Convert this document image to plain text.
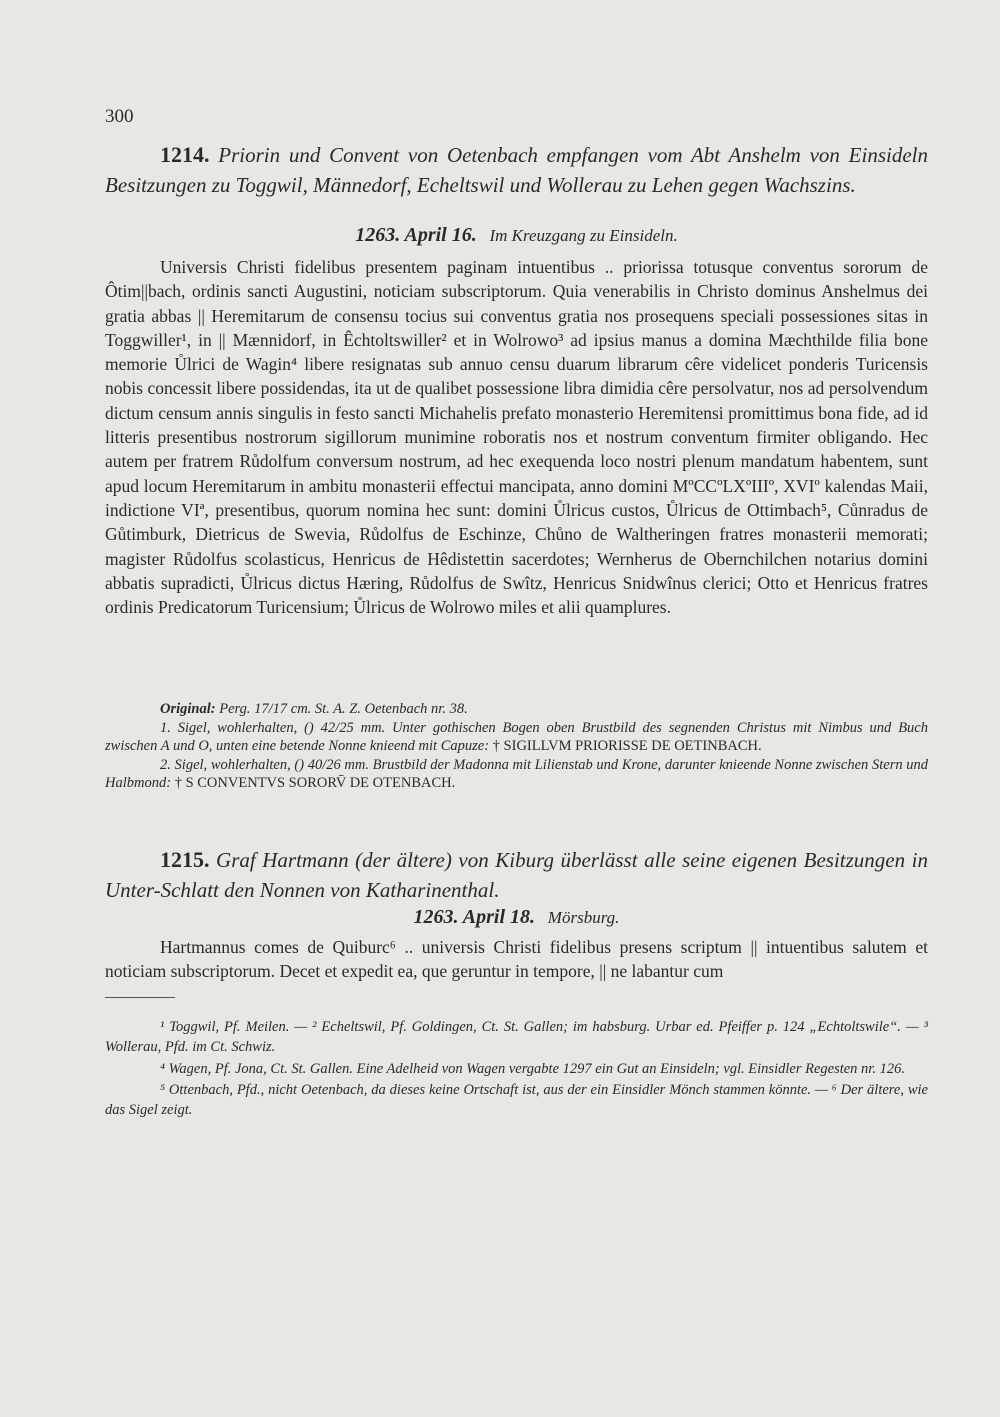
300
1214. Priorin und Convent von Oetenbach empfangen vom Abt Anshelm von Einsideln Besitzungen zu Toggwil, Männedorf, Echeltswil und Wollerau zu Lehen gegen Wachszins.
1263. April 16. Im Kreuzgang zu Einsideln.

Universis Christi fidelibus presentem paginam intuentibus .. priorissa totusque conventus sororum de Ôtim||bach, ordinis sancti Augustini, noticiam subscriptorum. Quia venerabilis in Christo dominus Anshelmus dei gratia abbas || Heremitarum de consensu tocius sui conventus gratia nos prosequens speciali possessiones sitas in Toggwiller¹, in || Mænnidorf, in Êchtoltswiller² et in Wolrowo³ ad ipsius manus a domina Mæchthilde filia bone memorie Ůlrici de Wagin⁴ libere resignatas sub annuo censu duarum librarum cêre videlicet ponderis Turicensis nobis concessit libere possidendas, ita ut de qualibet possessione libra dimidia cêre persolvatur, nos ad persolvendum dictum censum annis singulis in festo sancti Michahelis prefato monasterio Heremitensi promittimus bona fide, ad id litteris presentibus nostrorum sigillorum munimine roboratis nos et nostrum conventum firmiter obligando. Hec autem per fratrem Růdolfum conversum nostrum, ad hec exequenda loco nostri plenum mandatum habentem, sunt apud locum Heremitarum in ambitu monasterii effectui mancipata, anno domini MºCCºLXºIIIº, XVIº kalendas Maii, indictione VIª, presentibus, quorum nomina hec sunt: domini Ůlricus custos, Ůlricus de Ottimbach⁵, Cůnradus de Gůtimburk, Dietricus de Swevia, Růdolfus de Eschinze, Chůno de Waltheringen fratres monasterii memorati; magister Růdolfus scolasticus, Henricus de Hêdistettin sacerdotes; Wernherus de Obernchilchen notarius domini abbatis supradicti, Ůlricus dictus Hæring, Růdolfus de Swîtz, Henricus Snidwînus clerici; Otto et Henricus fratres ordinis Predicatorum Turicensium; Ůlricus de Wolrowo miles et alii quamplures.

Original: Perg. 17/17 cm. St. A. Z. Oetenbach nr. 38.

1. Sigel, wohlerhalten, () 42/25 mm. Unter gothischen Bogen oben Brustbild des segnenden Christus mit Nimbus und Buch zwischen A und O, unten eine betende Nonne knieend mit Capuze: † SIGILLVM PRIORISSE DE OETINBACH.

2. Sigel, wohlerhalten, () 40/26 mm. Brustbild der Madonna mit Lilienstab und Krone, darunter knieende Nonne zwischen Stern und Halbmond: † S CONVENTVS SORORV̄ DE OTENBACH.

1215. Graf Hartmann (der ältere) von Kiburg überlässt alle seine eigenen Besitzungen in Unter-Schlatt den Nonnen von Katharinenthal.
1263. April 18. Mörsburg.

Hartmannus comes de Quiburc⁶ .. universis Christi fidelibus presens scriptum || intuentibus salutem et noticiam subscriptorum. Decet et expedit ea, que geruntur in tempore, || ne labantur cum

¹ Toggwil, Pf. Meilen. — ² Echeltswil, Pf. Goldingen, Ct. St. Gallen; im habsburg. Urbar ed. Pfeiffer p. 124 „Echtoltswile“. — ³ Wollerau, Pfd. im Ct. Schwiz.

⁴ Wagen, Pf. Jona, Ct. St. Gallen. Eine Adelheid von Wagen vergabte 1297 ein Gut an Einsideln; vgl. Einsidler Regesten nr. 126.

⁵ Ottenbach, Pfd., nicht Oetenbach, da dieses keine Ortschaft ist, aus der ein Einsidler Mönch stammen könnte. — ⁶ Der ältere, wie das Sigel zeigt.
